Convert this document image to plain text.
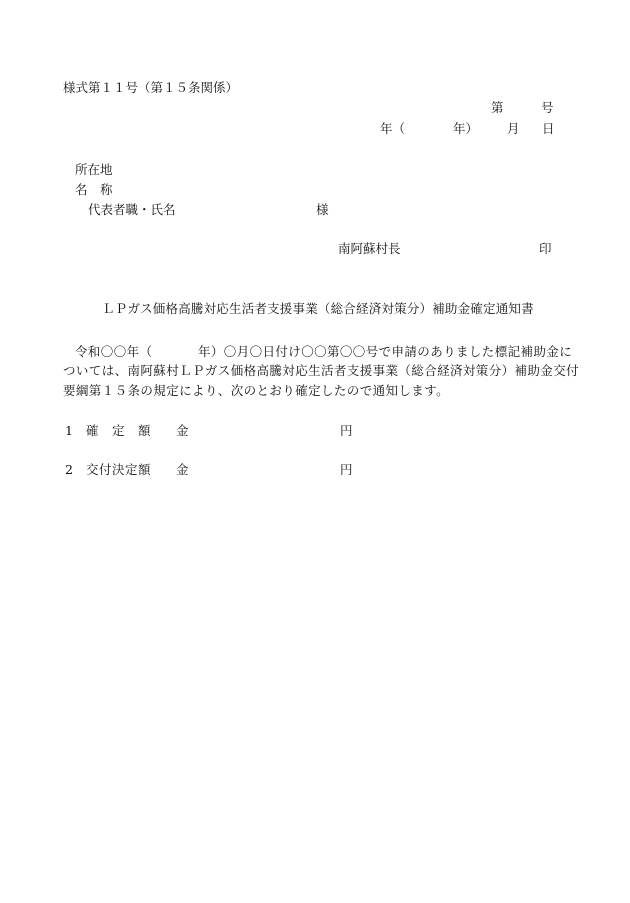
様式第１１号（第１５条関係）
第	号
年（	年） 月 日
所在地
名　称
代表者職・氏名	様
南阿蘇村長	印
ＬＰガス価格高騰対応生活者支援事業（総合経済対策分）補助金確定通知書
令和〇〇年（	年）〇月〇日付け〇〇第〇〇号で申請のありました標記補助金に
ついては、南阿蘇村ＬＰガス価格高騰対応生活者支援事業（総合経済対策分）補助金交付
要綱第１５条の規定により、次のとおり確定したので通知します。
1 確　定　額 金	円
2 交付決定額 金	円
